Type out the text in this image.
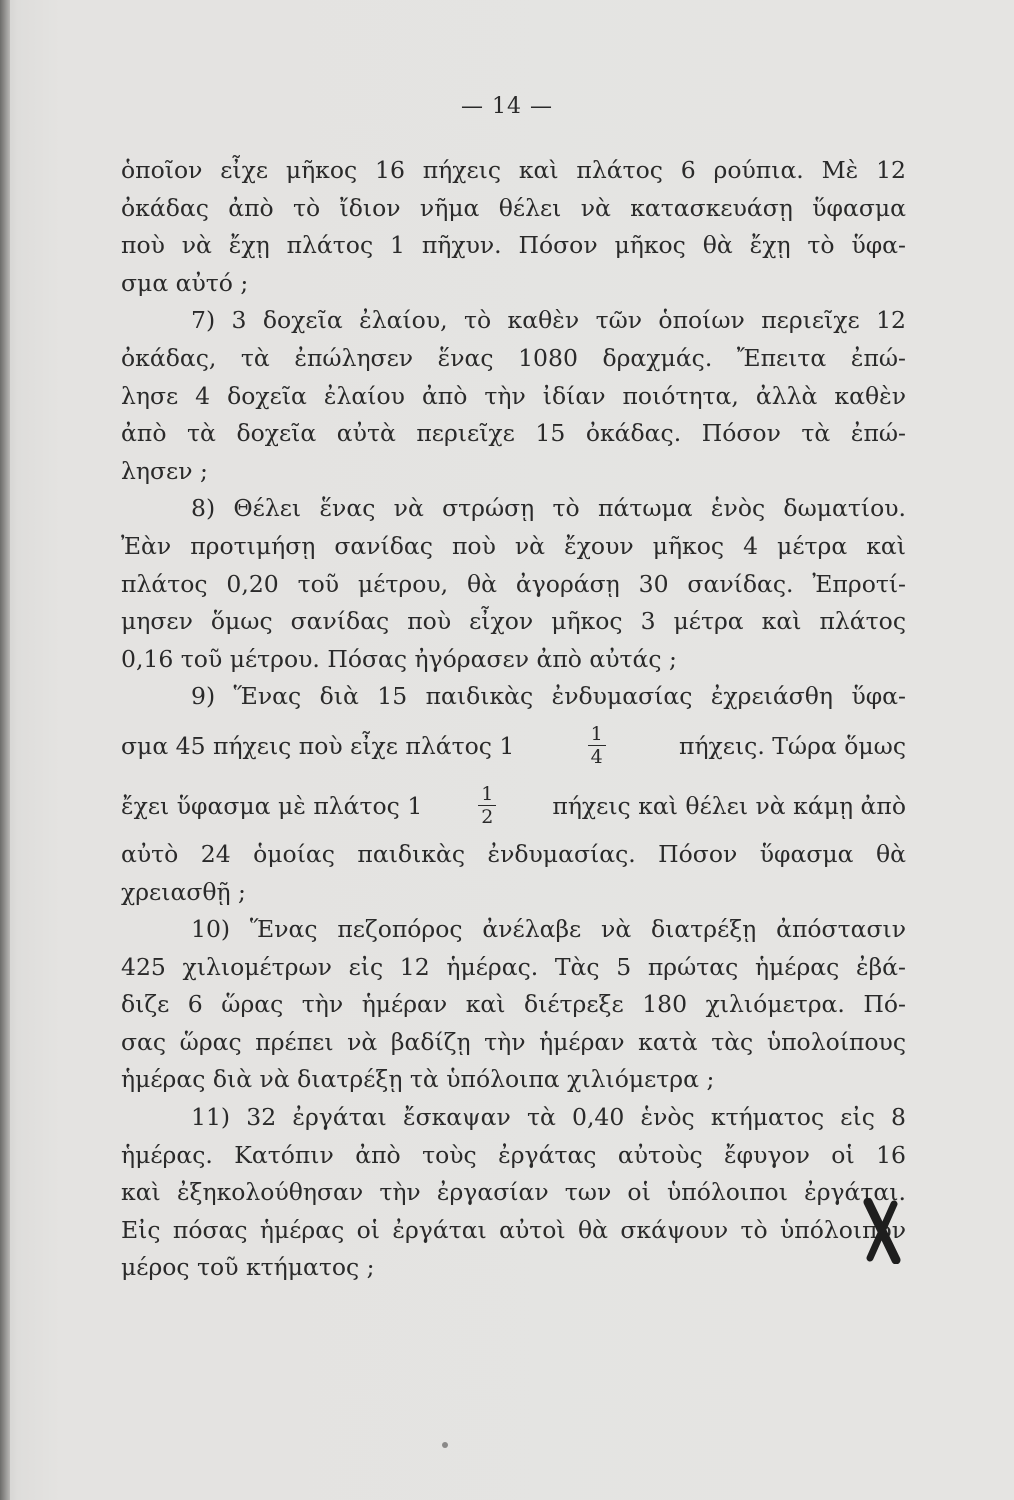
— 14 —
ὁποῖον εἶχε μῆκος 16 πήχεις καὶ πλάτος 6 ρούπια. Μὲ 12
ὀκάδας ἀπὸ τὸ ἴδιον νῆμα θέλει νὰ κατασκευάσῃ ὕφασμα
ποὺ νὰ ἔχῃ πλάτος 1 πῆχυν. Πόσον μῆκος θὰ ἔχῃ τὸ ὕφα-
σμα αὐτό ;
7) 3 δοχεῖα ἐλαίου, τὸ καθὲν τῶν ὁποίων περιεῖχε 12
ὀκάδας, τὰ ἐπώλησεν ἕνας 1080 δραχμάς. Ἔπειτα ἐπώ-
λησε 4 δοχεῖα ἐλαίου ἀπὸ τὴν ἰδίαν ποιότητα, ἀλλὰ καθὲν
ἀπὸ τὰ δοχεῖα αὐτὰ περιεῖχε 15 ὀκάδας. Πόσον τὰ ἐπώ-
λησεν ;
8) Θέλει ἕνας νὰ στρώσῃ τὸ πάτωμα ἑνὸς δωματίου.
Ἐὰν προτιμήσῃ σανίδας ποὺ νὰ ἔχουν μῆκος 4 μέτρα καὶ
πλάτος 0,20 τοῦ μέτρου, θὰ ἀγοράσῃ 30 σανίδας. Ἐπροτί-
μησεν ὅμως σανίδας ποὺ εἶχον μῆκος 3 μέτρα καὶ πλάτος
0,16 τοῦ μέτρου. Πόσας ἠγόρασεν ἀπὸ αὐτάς ;
9) Ἕνας διὰ 15 παιδικὰς ἐνδυμασίας ἐχρειάσθη ὕφα-
σμα 45 πήχεις ποὺ εἶχε πλάτος 1	$\frac{1}{4}$	πήχεις. Τώρα ὅμως
ἔχει ὕφασμα μὲ πλάτος 1	$\frac{1}{2}$ πήχεις καὶ θέλει νὰ κάμῃ ἀπὸ
αὐτὸ 24 ὁμοίας παιδικὰς ἐνδυμασίας. Πόσον ὕφασμα θὰ
χρειασθῇ ;
10) Ἕνας πεζοπόρος ἀνέλαβε νὰ διατρέξῃ ἀπόστασιν
425 χιλιομέτρων εἰς 12 ἡμέρας. Τὰς 5 πρώτας ἡμέρας ἐβά-
διζε 6 ὥρας τὴν ἡμέραν καὶ διέτρεξε 180 χιλιόμετρα. Πό-
σας ὥρας πρέπει νὰ βαδίζῃ τὴν ἡμέραν κατὰ τὰς ὑπολοίπους
ἡμέρας διὰ νὰ διατρέξῃ τὰ ὑπόλοιπα χιλιόμετρα ;
11) 32 ἐργάται ἔσκαψαν τὰ 0,40 ἑνὸς κτήματος εἰς 8
ἡμέρας. Κατόπιν ἀπὸ τοὺς ἐργάτας αὐτοὺς ἔφυγον οἱ 16
καὶ ἐξηκολούθησαν τὴν ἐργασίαν των οἱ ὑπόλοιποι ἐργάται.
Εἰς πόσας ἡμέρας οἱ ἐργάται αὐτοὶ θὰ σκάψουν τὸ ὑπόλοιπον
μέρος τοῦ κτήματος ;
